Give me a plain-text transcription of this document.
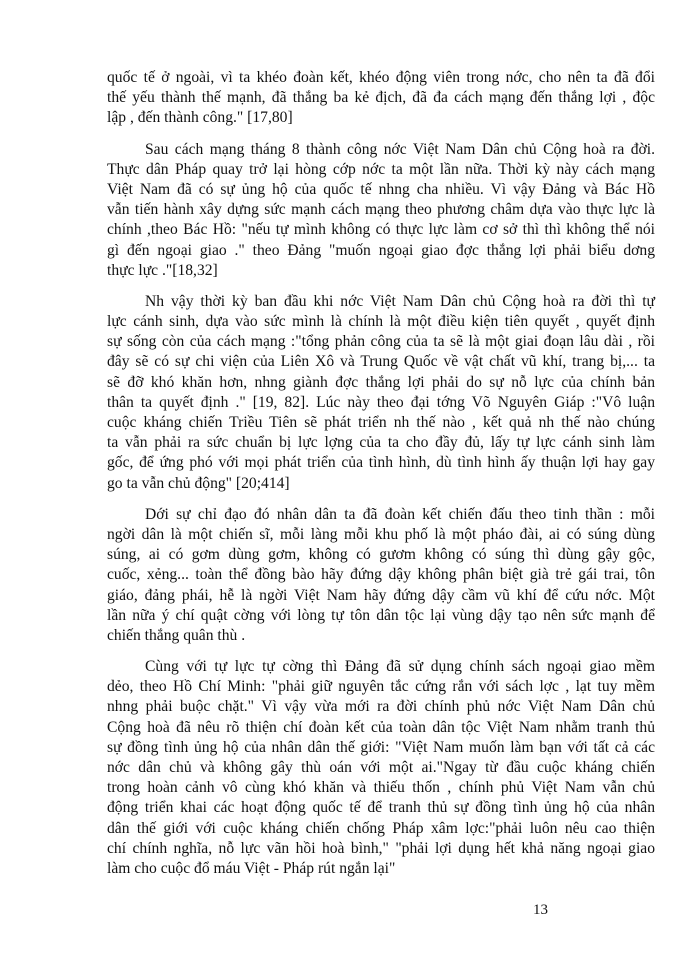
quốc tế ở ngoài, vì ta khéo đoàn kết, khéo động viên trong nớc, cho nên ta đã đổi
thế yếu thành thế mạnh, đã thắng ba kẻ địch, đã đa cách mạng đến thắng lợi , độc
lập , đến thành công." [17,80]
Sau cách mạng tháng 8 thành công nớc Việt Nam Dân chủ Cộng hoà ra đời.
Thực dân Pháp quay trở lại hòng cớp nớc ta một lần nữa. Thời kỳ này cách mạng
Việt Nam đã có sự ủng hộ của quốc tế nhng cha nhiều. Vì vậy Đảng và Bác Hồ
vẫn tiến hành xây dựng sức mạnh cách mạng theo phương châm dựa vào thực lực là
chính ,theo Bác Hồ: "nếu tự mình không có thực lực làm cơ sở thì thì không thể nói
gì đến ngoại giao ." theo Đảng "muốn ngoại giao đợc thắng lợi phải biểu dơng
thực lực ."[18,32]
Nh vậy thời kỳ ban đầu khi nớc Việt Nam Dân chủ Cộng hoà ra đời thì tự
lực cánh sinh, dựa vào sức mình là chính là một điều kiện tiên quyết , quyết định
sự sống còn của cách mạng :"tổng phản công của ta sẽ là một giai đoạn lâu dài , rồi
đây sẽ có sự chi viện của Liên Xô và Trung Quốc về vật chất vũ khí, trang bị,... ta
sẽ đỡ khó khăn hơn, nhng giành đợc thắng lợi phải do sự nỗ lực của chính bản
thân ta quyết định ." [19, 82]. Lúc này theo đại tớng Võ Nguyên Giáp :"Vô luận
cuộc kháng chiến Triều Tiên sẽ phát triển nh thế nào , kết quả nh thế nào chúng
ta vẫn phải ra sức chuẩn bị lực lợng của ta cho đầy đủ, lấy tự lực cánh sinh làm
gốc, để ứng phó với mọi phát triển của tình hình, dù tình hình ấy thuận lợi hay gay
go ta vẫn chủ động" [20;414]
Dới sự chỉ đạo đó nhân dân ta đã đoàn kết chiến đấu theo tinh thần : mỗi
ngời dân là một chiến sĩ, mỗi làng mỗi khu phố là một pháo đài, ai có súng dùng
súng, ai có gơm dùng gơm, không có gươm không có súng thì dùng gậy gộc,
cuốc, xẻng... toàn thể đồng bào hãy đứng dậy không phân biệt già trẻ gái trai, tôn
giáo, đảng phái, hễ là ngời Việt Nam hãy đứng dậy cầm vũ khí để cứu nớc. Một
lần nữa ý chí quật cờng với lòng tự tôn dân tộc lại vùng dậy tạo nên sức mạnh để
chiến thắng quân thù .
Cùng với tự lực tự cờng thì Đảng đã sử dụng chính sách ngoại giao mềm
dẻo, theo Hồ Chí Minh: "phải giữ nguyên tắc cứng rắn với sách lợc , lạt tuy mềm
nhng phải buộc chặt." Vì vậy vừa mới ra đời chính phủ nớc Việt Nam Dân chủ
Cộng hoà đã nêu rõ thiện chí đoàn kết của toàn dân tộc Việt Nam nhằm tranh thủ
sự đồng tình ủng hộ của nhân dân thế giới: "Việt Nam muốn làm bạn với tất cả các
nớc dân chủ và không gây thù oán với một ai."Ngay từ đầu cuộc kháng chiến
trong hoàn cảnh vô cùng khó khăn và thiếu thốn , chính phủ Việt Nam vẫn chủ
động triển khai các hoạt động quốc tế để tranh thủ sự đồng tình ủng hộ của nhân
dân thế giới với cuộc kháng chiến chống Pháp xâm lợc:"phải luôn nêu cao thiện
chí chính nghĩa, nỗ lực vãn hồi hoà bình," "phải lợi dụng hết khả năng ngoại giao
làm cho cuộc đổ máu Việt - Pháp rút ngắn lại"
13
